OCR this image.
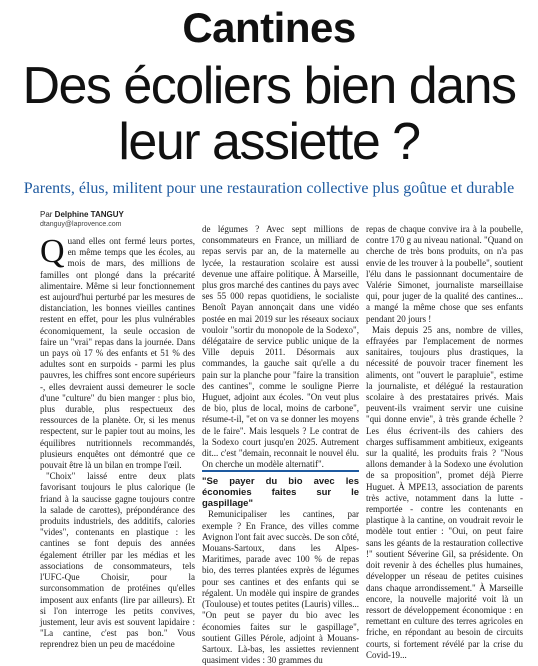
Cantines
Des écoliers bien dans leur assiette ?
Parents, élus, militent pour une restauration collective plus goûtue et durable
Par Delphine TANGUY
dtanguy@laprovence.com

Quand elles ont fermé leurs portes, en même temps que les écoles, au mois de mars, des millions de familles ont plongé dans la précarité alimentaire. Même si leur fonctionnement est aujourd'hui perturbé par les mesures de distanciation, les bonnes vieilles cantines restent en effet, pour les plus vulnérables économiquement, la seule occasion de faire un "vrai" repas dans la journée. Dans un pays où 17 % des enfants et 51 % des adultes sont en surpoids - parmi les plus pauvres, les chiffres sont encore supérieurs -, elles devraient aussi demeurer le socle d'une "culture" du bien manger : plus bio, plus durable, plus respectueux des ressources de la planète. Or, si les menus respectent, sur le papier tout au moins, les équilibres nutritionnels recommandés, plusieurs enquêtes ont démontré que ce pouvait être là un bilan en trompe l'œil.

"Choix" laissé entre deux plats favorisant toujours le plus calorique (le friand à la saucisse gagne toujours contre la salade de carottes), prépondérance des produits industriels, des additifs, calories "vides", contenants en plastique : les cantines se font depuis des années également étriller par les médias et les associations de consommateurs, tels l'UFC-Que Choisir, pour la surconsommation de protéines qu'elles imposent aux enfants (lire par ailleurs). Et si l'on interroge les petits convives, justement, leur avis est souvent lapidaire : "La cantine, c'est pas bon." Vous reprendrez bien un peu de macédoine

de légumes ? Avec sept millions de consommateurs en France, un milliard de repas servis par an, de la maternelle au lycée, la restauration scolaire est aussi devenue une affaire politique. À Marseille, plus gros marché des cantines du pays avec ses 55 000 repas quotidiens, le socialiste Benoît Payan annonçait dans une vidéo postée en mai 2019 sur les réseaux sociaux vouloir "sortir du monopole de la Sodexo", délégataire de service public unique de la Ville depuis 2011. Désormais aux commandes, la gauche sait qu'elle a du pain sur la planche pour "faire la transition des cantines", comme le souligne Pierre Huguet, adjoint aux écoles. "On veut plus de bio, plus de local, moins de carbone", résume-t-il, "et on va se donner les moyens de le faire". Mais lesquels ? Le contrat de la Sodexo court jusqu'en 2025. Autrement dit... c'est "demain, reconnait le nouvel élu. On cherche un modèle alternatif".

"Se payer du bio avec les économies faites sur le gaspillage"

Remunicipaliser les cantines, par exemple ? En France, des villes comme Avignon l'ont fait avec succès. De son côté, Mouans-Sartoux, dans les Alpes-Maritimes, parade avec 100 % de repas bio, des terres plantées exprès de légumes pour ses cantines et des enfants qui se régalent. Un modèle qui inspire de grandes (Toulouse) et toutes petites (Lauris) villes... "On peut se payer du bio avec les économies faites sur le gaspillage", soutient Gilles Pérole, adjoint à Mouans-Sartoux. Là-bas, les assiettes reviennent quasiment vides : 30 grammes du

repas de chaque convive ira à la poubelle, contre 170 g au niveau national. "Quand on cherche de très bons produits, on n'a pas envie de les trouver à la poubelle", soutient l'élu dans le passionnant documentaire de Valérie Simonet, journaliste marseillaise qui, pour juger de la qualité des cantines... a mangé la même chose que ses enfants pendant 20 jours !

Mais depuis 25 ans, nombre de villes, effrayées par l'emplacement de normes sanitaires, toujours plus drastiques, la nécessité de pouvoir tracer finement les aliments, ont "ouvert le parapluie", estime la journaliste, et délégué la restauration scolaire à des prestataires privés. Mais peuvent-ils vraiment servir une cuisine "qui donne envie", à très grande échelle ? Les élus écrivent-ils des cahiers des charges suffisamment ambitieux, exigeants sur la qualité, les produits frais ? "Nous allons demander à la Sodexo une évolution de sa proposition", promet déjà Pierre Huguet. À MPE13, association de parents très active, notamment dans la lutte - remportée - contre les contenants en plastique à la cantine, on voudrait revoir le modèle tout entier : "Oui, on peut faire sans les géants de la restauration collective !" soutient Séverine Gil, sa présidente. On doit revenir à des échelles plus humaines, développer un réseau de petites cuisines dans chaque arrondissement." À Marseille encore, la nouvelle majorité voit là un ressort de développement économique : en remettant en culture des terres agricoles en friche, en répondant au besoin de circuits courts, si fortement révélé par la crise du Covid-19...
